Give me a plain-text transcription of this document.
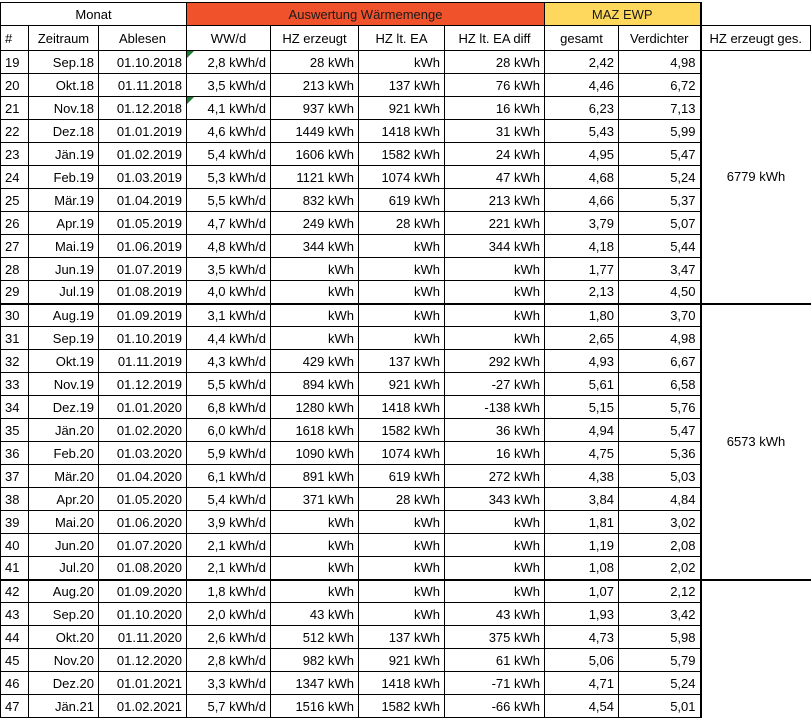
Monat			Auswertung Wärmemenge				MAZ EWP		
#	Zeitraum	Ablesen	WW/d	HZ erzeugt	HZ lt. EA	HZ lt. EA diff	gesamt	Verdichter	HZ erzeugt ges.
19	Sep.18	01.10.2018	2,8 kWh/d	28 kWh	kWh	28 kWh	2,42	4,98	6779 kWh
20	Okt.18	01.11.2018	3,5 kWh/d	213 kWh	137 kWh	76 kWh	4,46	6,72	
21	Nov.18	01.12.2018	4,1 kWh/d	937 kWh	921 kWh	16 kWh	6,23	7,13	
22	Dez.18	01.01.2019	4,6 kWh/d	1449 kWh	1418 kWh	31 kWh	5,43	5,99	
23	Jän.19	01.02.2019	5,4 kWh/d	1606 kWh	1582 kWh	24 kWh	4,95	5,47	
24	Feb.19	01.03.2019	5,3 kWh/d	1121 kWh	1074 kWh	47 kWh	4,68	5,24	
25	Mär.19	01.04.2019	5,5 kWh/d	832 kWh	619 kWh	213 kWh	4,66	5,37	
26	Apr.19	01.05.2019	4,7 kWh/d	249 kWh	28 kWh	221 kWh	3,79	5,07	
27	Mai.19	01.06.2019	4,8 kWh/d	344 kWh	kWh	344 kWh	4,18	5,44	
28	Jun.19	01.07.2019	3,5 kWh/d	kWh	kWh	kWh	1,77	3,47	
29	Jul.19	01.08.2019	4,0 kWh/d	kWh	kWh	kWh	2,13	4,50	
30	Aug.19	01.09.2019	3,1 kWh/d	kWh	kWh	kWh	1,80	3,70	6573 kWh
31	Sep.19	01.10.2019	4,4 kWh/d	kWh	kWh	kWh	2,65	4,98	
32	Okt.19	01.11.2019	4,3 kWh/d	429 kWh	137 kWh	292 kWh	4,93	6,67	
33	Nov.19	01.12.2019	5,5 kWh/d	894 kWh	921 kWh	-27 kWh	5,61	6,58	
34	Dez.19	01.01.2020	6,8 kWh/d	1280 kWh	1418 kWh	-138 kWh	5,15	5,76	
35	Jän.20	01.02.2020	6,0 kWh/d	1618 kWh	1582 kWh	36 kWh	4,94	5,47	
36	Feb.20	01.03.2020	5,9 kWh/d	1090 kWh	1074 kWh	16 kWh	4,75	5,36	
37	Mär.20	01.04.2020	6,1 kWh/d	891 kWh	619 kWh	272 kWh	4,38	5,03	
38	Apr.20	01.05.2020	5,4 kWh/d	371 kWh	28 kWh	343 kWh	3,84	4,84	
39	Mai.20	01.06.2020	3,9 kWh/d	kWh	kWh	kWh	1,81	3,02	
40	Jun.20	01.07.2020	2,1 kWh/d	kWh	kWh	kWh	1,19	2,08	
41	Jul.20	01.08.2020	2,1 kWh/d	kWh	kWh	kWh	1,08	2,02	
42	Aug.20	01.09.2020	1,8 kWh/d	kWh	kWh	kWh	1,07	2,12	
43	Sep.20	01.10.2020	2,0 kWh/d	43 kWh	kWh	43 kWh	1,93	3,42	
44	Okt.20	01.11.2020	2,6 kWh/d	512 kWh	137 kWh	375 kWh	4,73	5,98	
45	Nov.20	01.12.2020	2,8 kWh/d	982 kWh	921 kWh	61 kWh	5,06	5,79	
46	Dez.20	01.01.2021	3,3 kWh/d	1347 kWh	1418 kWh	-71 kWh	4,71	5,24	
47	Jän.21	01.02.2021	5,7 kWh/d	1516 kWh	1582 kWh	-66 kWh	4,54	5,01	
